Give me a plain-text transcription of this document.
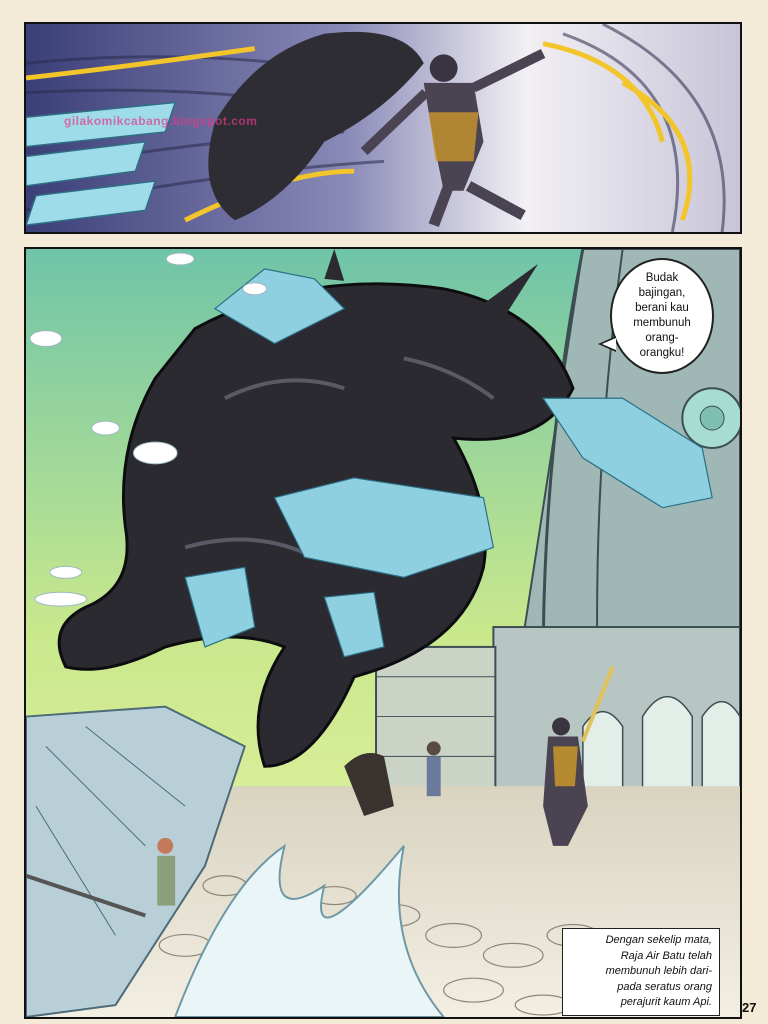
gilakomikcabang.blogspot.com
Budak
bajingan,
berani kau
membunuh
orang-
orangku!
Dengan sekelip mata,
Raja Air Batu telah
membunuh lebih dari-
pada seratus orang
perajurit kaum Api. 27
